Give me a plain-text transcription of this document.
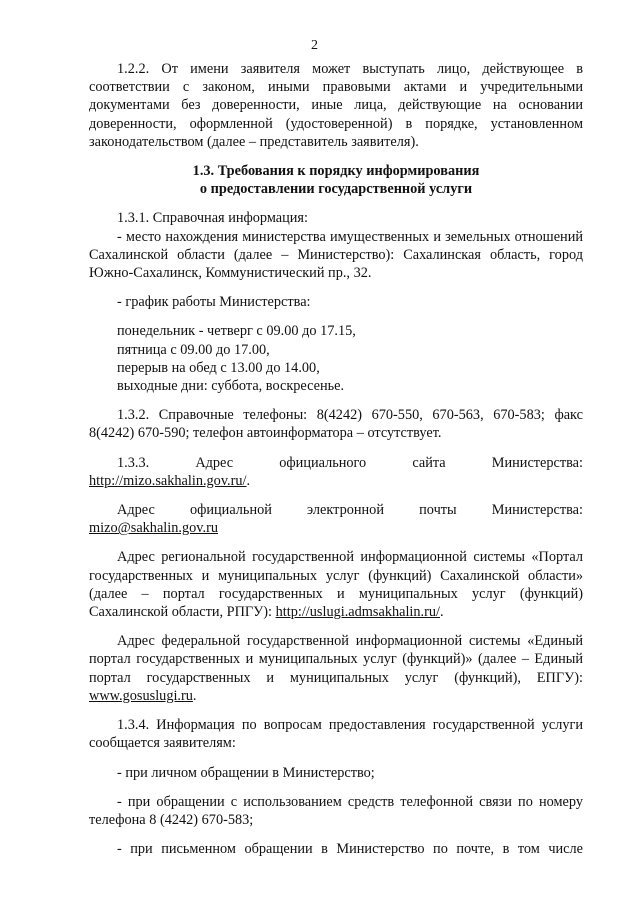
2

1.2.2. От имени заявителя может выступать лицо, действующее в соответствии с законом, иными правовыми актами и учредительными документами без доверенности, иные лица, действующие на основании доверенности, оформленной (удостоверенной) в порядке, установленном законодательством (далее – представитель заявителя).

1.3. Требования к порядку информирования
о предоставлении государственной услуги

1.3.1. Справочная информация:

- место нахождения министерства имущественных и земельных отношений Сахалинской области (далее – Министерство): Сахалинская область, город Южно-Сахалинск, Коммунистический пр., 32.

- график работы Министерства:

понедельник - четверг с 09.00 до 17.15,
пятница с 09.00 до 17.00,
перерыв на обед с 13.00 до 14.00,
выходные дни: суббота, воскресенье.

1.3.2. Справочные телефоны: 8(4242) 670-550, 670-563, 670-583; факс 8(4242) 670-590; телефон автоинформатора – отсутствует.

1.3.3. Адрес официального сайта Министерства:

http://mizo.sakhalin.gov.ru/.

Адрес официальной электронной почты Министерства:

mizo@sakhalin.gov.ru

Адрес региональной государственной информационной системы «Портал государственных и муниципальных услуг (функций) Сахалинской области» (далее – портал государственных и муниципальных услуг (функций) Сахалинской области, РПГУ): http://uslugi.admsakhalin.ru/.

Адрес федеральной государственной информационной системы «Единый портал государственных и муниципальных услуг (функций)» (далее – Единый портал государственных и муниципальных услуг (функций), ЕПГУ): www.gosuslugi.ru.

1.3.4. Информация по вопросам предоставления государственной услуги сообщается заявителям:

- при личном обращении в Министерство;

- при обращении с использованием средств телефонной связи по номеру телефона 8 (4242) 670-583;

- при письменном обращении в Министерство по почте, в том числе
